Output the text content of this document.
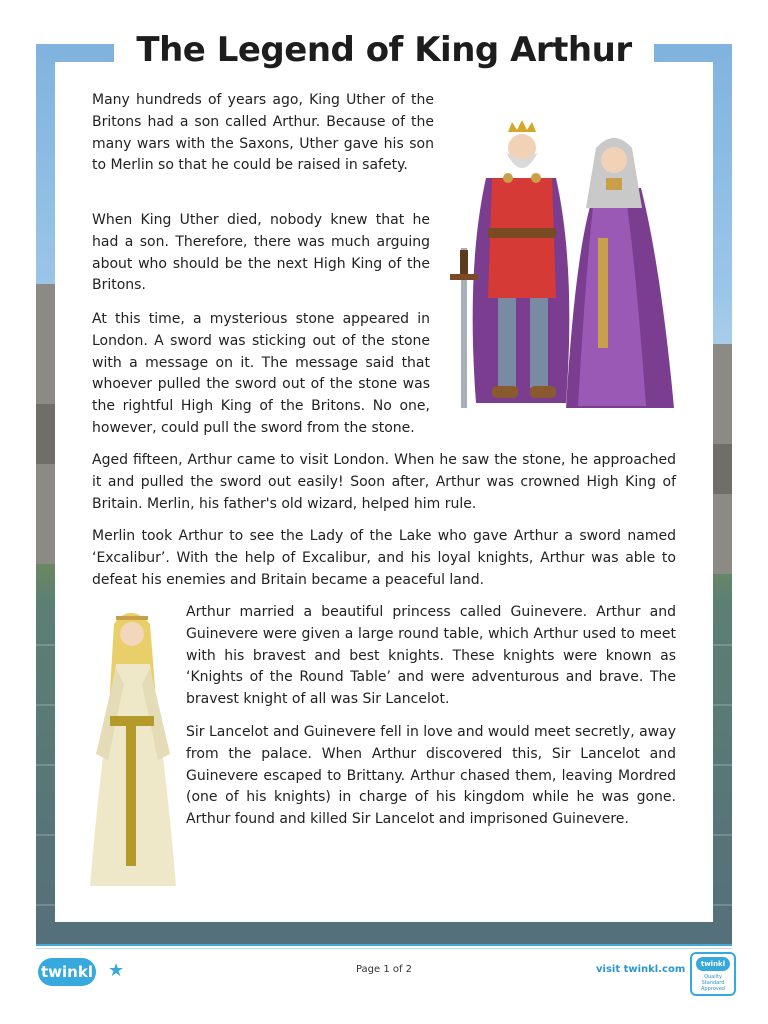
The Legend of King Arthur

Many hundreds of years ago, King Uther of the Britons had a son called Arthur. Because of the many wars with the Saxons, Uther gave his son to Merlin so that he could be raised in safety.

When King Uther died, nobody knew that he had a son. Therefore, there was much arguing about who should be the next High King of the Britons.

At this time, a mysterious stone appeared in London. A sword was sticking out of the stone with a message on it. The message said that whoever pulled the sword out of the stone was the rightful High King of the Britons. No one, however, could pull the sword from the stone.

Aged fifteen, Arthur came to visit London. When he saw the stone, he approached it and pulled the sword out easily! Soon after, Arthur was crowned High King of Britain. Merlin, his father's old wizard, helped him rule.

Merlin took Arthur to see the Lady of the Lake who gave Arthur a sword named ‘Excalibur’. With the help of Excalibur, and his loyal knights, Arthur was able to defeat his enemies and Britain became a peaceful land.

Arthur married a beautiful princess called Guinevere. Arthur and Guinevere were given a large round table, which Arthur used to meet with his bravest and best knights. These knights were known as ‘Knights of the Round Table’ and were adventurous and brave. The bravest knight of all was Sir Lancelot.

Sir Lancelot and Guinevere fell in love and would meet secretly, away from the palace. When Arthur discovered this, Sir Lancelot and Guinevere escaped to Brittany. Arthur chased them, leaving Mordred (one of his knights) in charge of his kingdom while he was gone. Arthur found and killed Sir Lancelot and imprisoned Guinevere.

twinkl ★	Page 1 of 2	visit twinkl.com	twinkl
Quality Standard Approved
